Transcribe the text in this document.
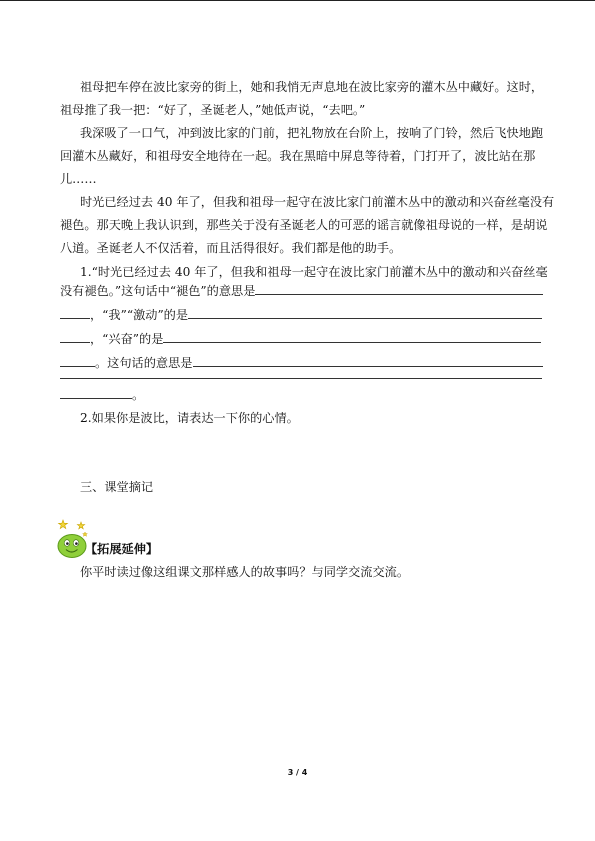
祖母把车停在波比家旁的街上，她和我悄无声息地在波比家旁的灌木丛中藏好。这时，
祖母推了我一把：“好了，圣诞老人，”她低声说，“去吧。”
我深吸了一口气，冲到波比家的门前，把礼物放在台阶上，按响了门铃，然后飞快地跑
回灌木丛藏好，和祖母安全地待在一起。我在黑暗中屏息等待着，门打开了，波比站在那
儿……
时光已经过去 40 年了，但我和祖母一起守在波比家门前灌木丛中的激动和兴奋丝毫没有
褪色。那天晚上我认识到，那些关于没有圣诞老人的可恶的谣言就像祖母说的一样，是胡说
八道。圣诞老人不仅活着，而且活得很好。我们都是他的助手。
1.“时光已经过去 40 年了，但我和祖母一起守在波比家门前灌木丛中的激动和兴奋丝毫
没有褪色。”这句话中“褪色”的意思是
，“我”“激动”的是
，“兴奋”的是
。这句话的意思是
。
2.如果你是波比，请表达一下你的心情。
三、课堂摘记
【拓展延伸】
你平时读过像这组课文那样感人的故事吗？与同学交流交流。
3 / 4
